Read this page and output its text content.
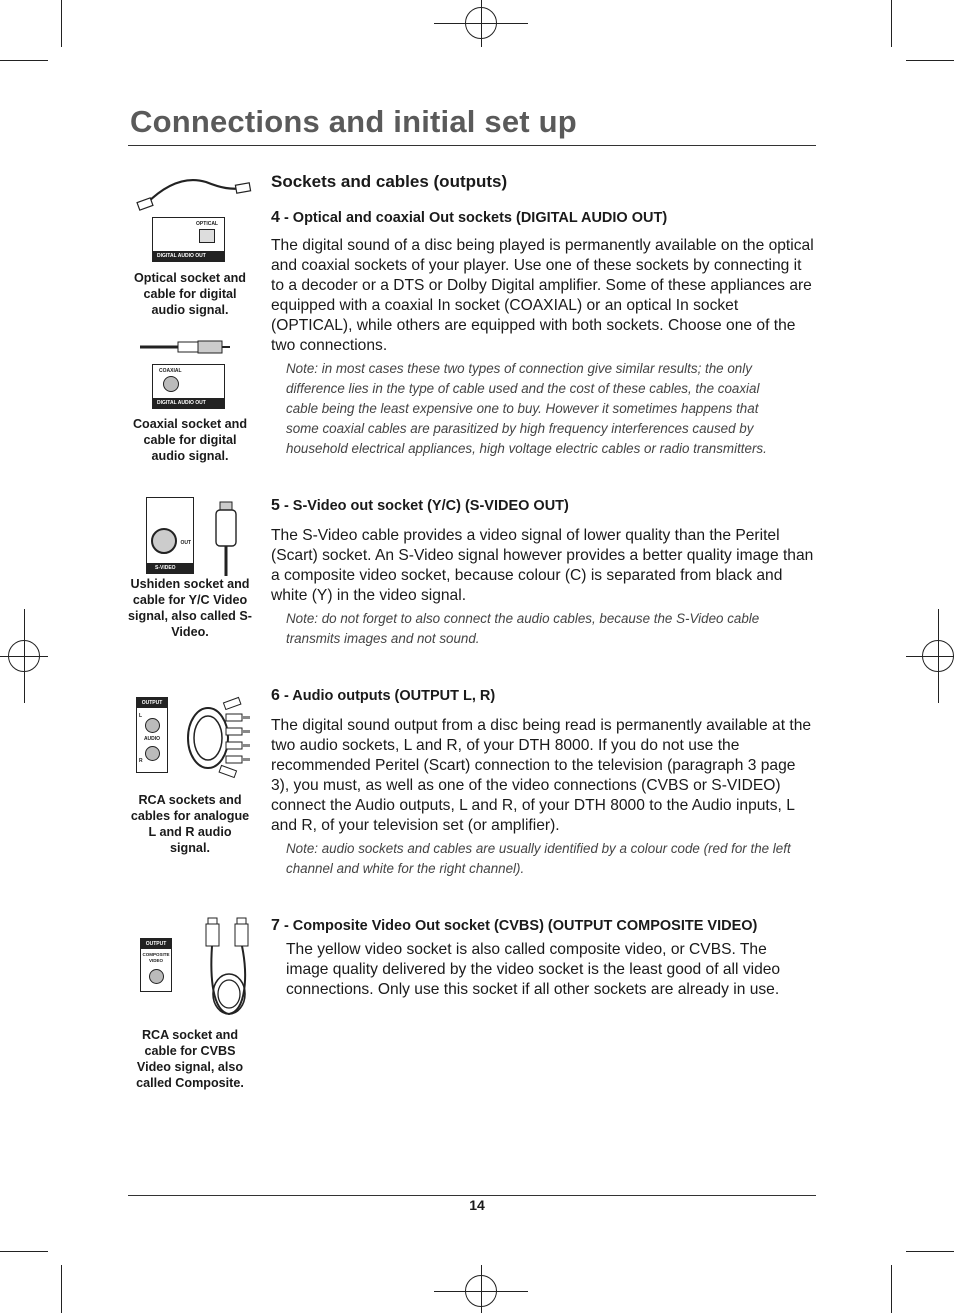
Connections and initial set up
Sockets and cables (outputs)
OPTICAL
DIGITAL AUDIO OUT
Optical socket and cable for digital audio signal.
COAXIAL
DIGITAL AUDIO OUT
Coaxial socket and cable for digital audio signal.
OUT
S-VIDEO
Ushiden socket and cable for Y/C Video signal, also called S-Video.
OUTPUT
L
AUDIO
R
RCA sockets and cables for analogue L and R audio signal.
OUTPUT
COMPOSITE
VIDEO
RCA socket and cable for CVBS Video signal, also called Composite.
4 - Optical and coaxial Out sockets (DIGITAL AUDIO OUT)
The digital sound of a disc being played is permanently available on the optical and coaxial sockets of your player. Use one of these sockets by connecting it to a decoder or a DTS or Dolby Digital amplifier. Some of these appliances are equipped with a coaxial In socket (COAXIAL) or an optical In socket (OPTICAL), while others are equipped with both sockets. Choose one of the two connections.
Note: in most cases these two types of connection give similar results; the only difference lies in the type of cable used and the cost of these cables, the coaxial cable being the least expensive one to buy. However it sometimes happens that some coaxial cables are parasitized by high frequency interferences caused by household electrical appliances, high voltage electric cables or radio transmitters.
5 - S-Video out socket (Y/C) (S-VIDEO OUT)
The S-Video cable provides a video signal of lower quality than the Peritel (Scart) socket. An S-Video signal however provides a better quality image than a composite video socket, because colour (C) is separated from black and white (Y) in the video signal.
Note: do not forget to also connect the audio cables, because the S-Video cable transmits images and not sound.
6 - Audio outputs (OUTPUT L, R)
The digital sound output from a disc being read is permanently available at the two audio sockets, L and R, of your DTH 8000. If you do not use the recommended Peritel (Scart) connection to the television (paragraph 3 page 3), you must, as well as one of the video connections (CVBS or S-VIDEO) connect the Audio outputs, L and R, of your DTH 8000 to the Audio inputs, L and R, of your television set (or amplifier).
Note: audio sockets and cables are usually identified by a colour code (red for the left channel and white for the right channel).
7 - Composite Video Out socket (CVBS) (OUTPUT COMPOSITE VIDEO)
The yellow video socket is also called composite video, or CVBS. The image quality delivered by the video socket is the least good of all video connections. Only use this socket if all other sockets are already in use.
14
